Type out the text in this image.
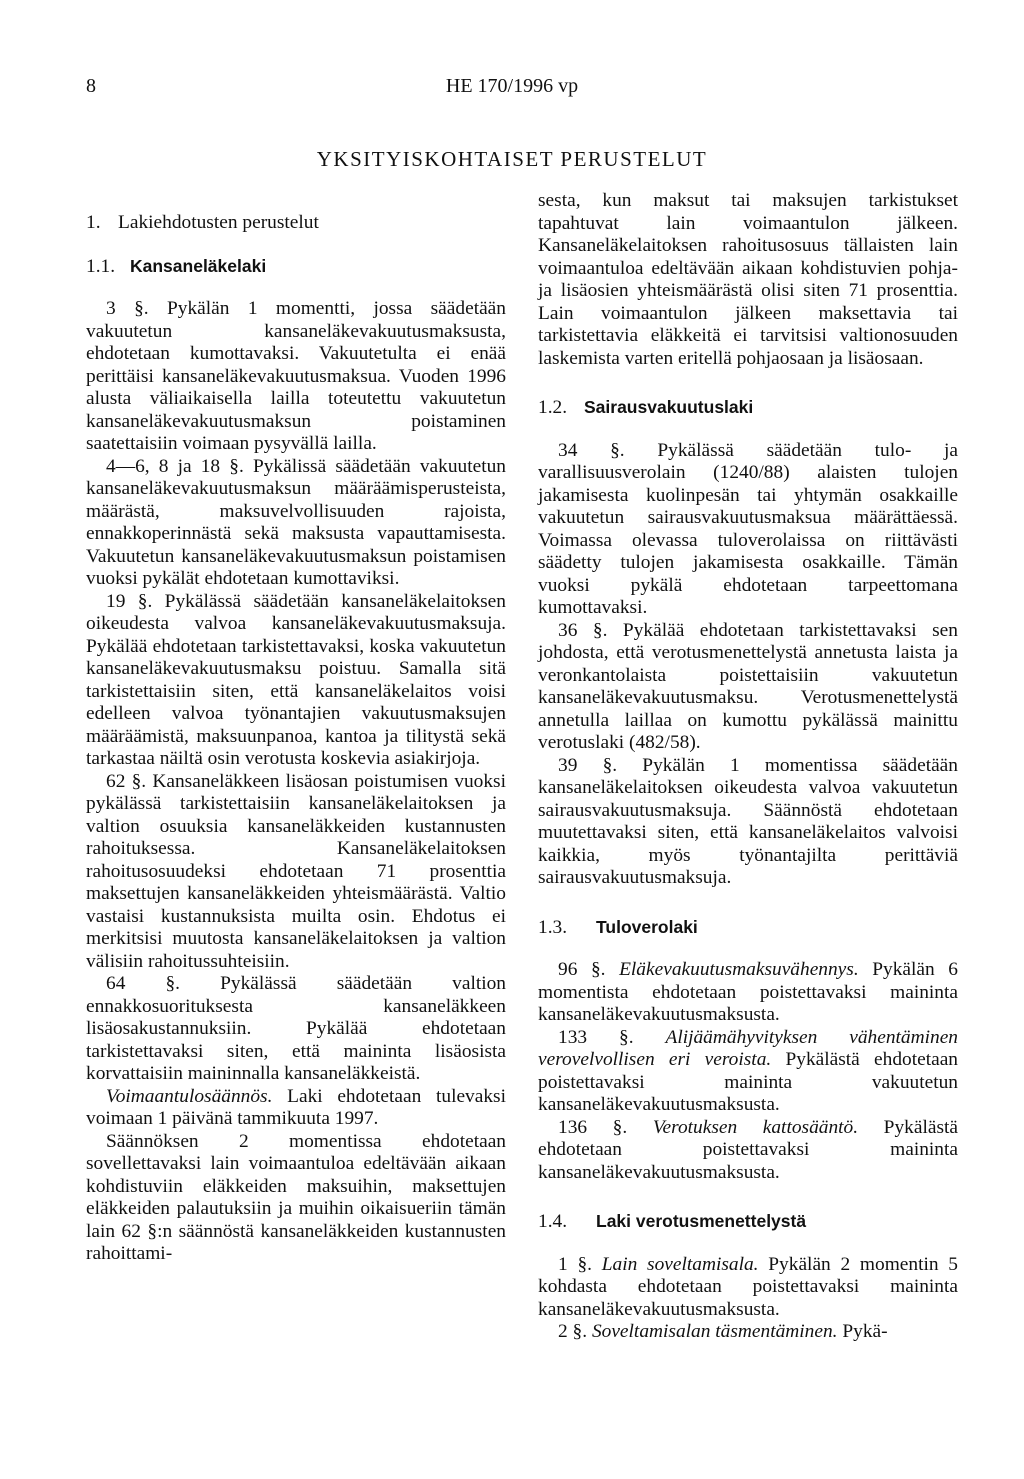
8	HE 170/1996 vp
YKSITYISKOHTAISET PERUSTELUT
1. Lakiehdotusten perustelut
1.1. Kansaneläkelaki

3 §. Pykälän 1 momentti, jossa säädetään vakuutetun kansaneläkevakuutusmaksusta, ehdotetaan kumottavaksi. Vakuutetulta ei enää perittäisi kansaneläkevakuutusmaksua. Vuoden 1996 alusta väliaikaisella lailla toteutettu vakuutetun kansaneläkevakuutusmaksun poistaminen saatettaisiin voimaan pysyvällä lailla.

4—6, 8 ja 18 §. Pykälissä säädetään vakuutetun kansaneläkevakuutusmaksun määräämisperusteista, määrästä, maksuvelvollisuuden rajoista, ennakkoperinnästä sekä maksusta vapauttamisesta. Vakuutetun kansaneläkevakuutusmaksun poistamisen vuoksi pykälät ehdotetaan kumottaviksi.

19 §. Pykälässä säädetään kansaneläkelaitoksen oikeudesta valvoa kansaneläkevakuutusmaksuja. Pykälää ehdotetaan tarkistettavaksi, koska vakuutetun kansaneläkevakuutusmaksu poistuu. Samalla sitä tarkistettaisiin siten, että kansaneläkelaitos voisi edelleen valvoa työnantajien vakuutusmaksujen määräämistä, maksuunpanoa, kantoa ja tilitystä sekä tarkastaa näiltä osin verotusta koskevia asiakirjoja.

62 §. Kansaneläkkeen lisäosan poistumisen vuoksi pykälässä tarkistettaisiin kansaneläkelaitoksen ja valtion osuuksia kansaneläkkeiden kustannusten rahoituksessa. Kansaneläkelaitoksen rahoitusosuudeksi ehdotetaan 71 prosenttia maksettujen kansaneläkkeiden yhteismäärästä. Valtio vastaisi kustannuksista muilta osin. Ehdotus ei merkitsisi muutosta kansaneläkelaitoksen ja valtion välisiin rahoitussuhteisiin.

64 §. Pykälässä säädetään valtion ennakkosuorituksesta kansaneläkkeen lisäosakustannuksiin. Pykälää ehdotetaan tarkistettavaksi siten, että maininta lisäosista korvattaisiin maininnalla kansaneläkkeistä.

Voimaantulosäännös. Laki ehdotetaan tulevaksi voimaan 1 päivänä tammikuuta 1997.

Säännöksen 2 momentissa ehdotetaan sovellettavaksi lain voimaantuloa edeltävään aikaan kohdistuviin eläkkeiden maksuihin, maksettujen eläkkeiden palautuksiin ja muihin oikaisueriin tämän lain 62 §:n säännöstä kansaneläkkeiden kustannusten rahoittami-

sesta, kun maksut tai maksujen tarkistukset tapahtuvat lain voimaantulon jälkeen. Kansaneläkelaitoksen rahoitusosuus tällaisten lain voimaantuloa edeltävään aikaan kohdistuvien pohja- ja lisäosien yhteismäärästä olisi siten 71 prosenttia. Lain voimaantulon jälkeen maksettavia tai tarkistettavia eläkkeitä ei tarvitsisi valtionosuuden laskemista varten eritellä pohjaosaan ja lisäosaan.

1.2. Sairausvakuutuslaki

34 §. Pykälässä säädetään tulo- ja varallisuusverolain (1240/88) alaisten tulojen jakamisesta kuolinpesän tai yhtymän osakkaille vakuutetun sairausvakuutusmaksua määrättäessä. Voimassa olevassa tuloverolaissa on riittävästi säädetty tulojen jakamisesta osakkaille. Tämän vuoksi pykälä ehdotetaan tarpeettomana kumottavaksi.

36 §. Pykälää ehdotetaan tarkistettavaksi sen johdosta, että verotusmenettelystä annetusta laista ja veronkantolaista poistettaisiin vakuutetun kansaneläkevakuutusmaksu. Verotusmenettelystä annetulla laillaa on kumottu pykälässä mainittu verotuslaki (482/58).

39 §. Pykälän 1 momentissa säädetään kansaneläkelaitoksen oikeudesta valvoa vakuutetun sairausvakuutusmaksuja. Säännöstä ehdotetaan muutettavaksi siten, että kansaneläkelaitos valvoisi kaikkia, myös työnantajilta perittäviä sairausvakuutusmaksuja.

1.3. Tuloverolaki

96 §. Eläkevakuutusmaksuvähennys. Pykälän 6 momentista ehdotetaan poistettavaksi maininta kansaneläkevakuutusmaksusta.

133 §. Alijäämähyvityksen vähentäminen verovelvollisen eri veroista. Pykälästä ehdotetaan poistettavaksi maininta vakuutetun kansaneläkevakuutusmaksusta.

136 §. Verotuksen kattosääntö. Pykälästä ehdotetaan poistettavaksi maininta kansaneläkevakuutusmaksusta.

1.4. Laki verotusmenettelystä

1 §. Lain soveltamisala. Pykälän 2 momentin 5 kohdasta ehdotetaan poistettavaksi maininta kansaneläkevakuutusmaksusta.

2 §. Soveltamisalan täsmentäminen. Pykä-
